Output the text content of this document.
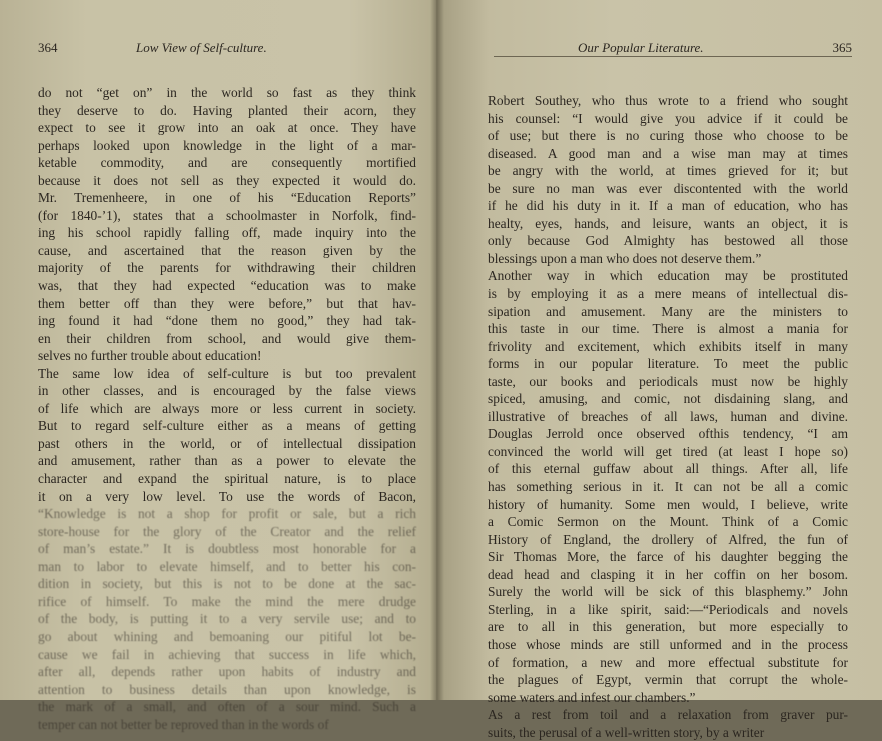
364	Low View of Self-culture.
do not “get on” in the world so fast as they think
they deserve to do. Having planted their acorn, they
expect to see it grow into an oak at once. They have
perhaps looked upon knowledge in the light of a mar-
ketable commodity, and are consequently mortified
because it does not sell as they expected it would do.
Mr. Tremenheere, in one of his “Education Reports”
(for 1840-’1), states that a schoolmaster in Norfolk, find-
ing his school rapidly falling off, made inquiry into the
cause, and ascertained that the reason given by the
majority of the parents for withdrawing their children
was, that they had expected “education was to make
them better off than they were before,” but that hav-
ing found it had “done them no good,” they had tak-
en their children from school, and would give them-
selves no further trouble about education!
The same low idea of self-culture is but too prevalent
in other classes, and is encouraged by the false views
of life which are always more or less current in society.
But to regard self-culture either as a means of getting
past others in the world, or of intellectual dissipation
and amusement, rather than as a power to elevate the
character and expand the spiritual nature, is to place
it on a very low level. To use the words of Bacon,
“Knowledge is not a shop for profit or sale, but a rich
store-house for the glory of the Creator and the relief
of man’s estate.” It is doubtless most honorable for a
man to labor to elevate himself, and to better his con-
dition in society, but this is not to be done at the sac-
rifice of himself. To make the mind the mere drudge
of the body, is putting it to a very servile use; and to
go about whining and bemoaning our pitiful lot be-
cause we fail in achieving that success in life which,
after all, depends rather upon habits of industry and
attention to business details than upon knowledge, is
the mark of a small, and often of a sour mind. Such a
temper can not better be reproved than in the words of
Our Popular Literature.	365
Robert Southey, who thus wrote to a friend who sought
his counsel: “I would give you advice if it could be
of use; but there is no curing those who choose to be
diseased. A good man and a wise man may at times
be angry with the world, at times grieved for it; but
be sure no man was ever discontented with the world
if he did his duty in it. If a man of education, who has
healty, eyes, hands, and leisure, wants an object, it is
only because God Almighty has bestowed all those
blessings upon a man who does not deserve them.”
Another way in which education may be prostituted
is by employing it as a mere means of intellectual dis-
sipation and amusement. Many are the ministers to
this taste in our time. There is almost a mania for
frivolity and excitement, which exhibits itself in many
forms in our popular literature. To meet the public
taste, our books and periodicals must now be highly
spiced, amusing, and comic, not disdaining slang, and
illustrative of breaches of all laws, human and divine.
Douglas Jerrold once observed ofthis tendency, “I am
convinced the world will get tired (at least I hope so)
of this eternal guffaw about all things. After all, life
has something serious in it. It can not be all a comic
history of humanity. Some men would, I believe, write
a Comic Sermon on the Mount. Think of a Comic
History of England, the drollery of Alfred, the fun of
Sir Thomas More, the farce of his daughter begging the
dead head and clasping it in her coffin on her bosom.
Surely the world will be sick of this blasphemy.” John
Sterling, in a like spirit, said:—“Periodicals and novels
are to all in this generation, but more especially to
those whose minds are still unformed and in the process
of formation, a new and more effectual substitute for
the plagues of Egypt, vermin that corrupt the whole-
some waters and infest our chambers.”
As a rest from toil and a relaxation from graver pur-
suits, the perusal of a well-written story, by a writer
